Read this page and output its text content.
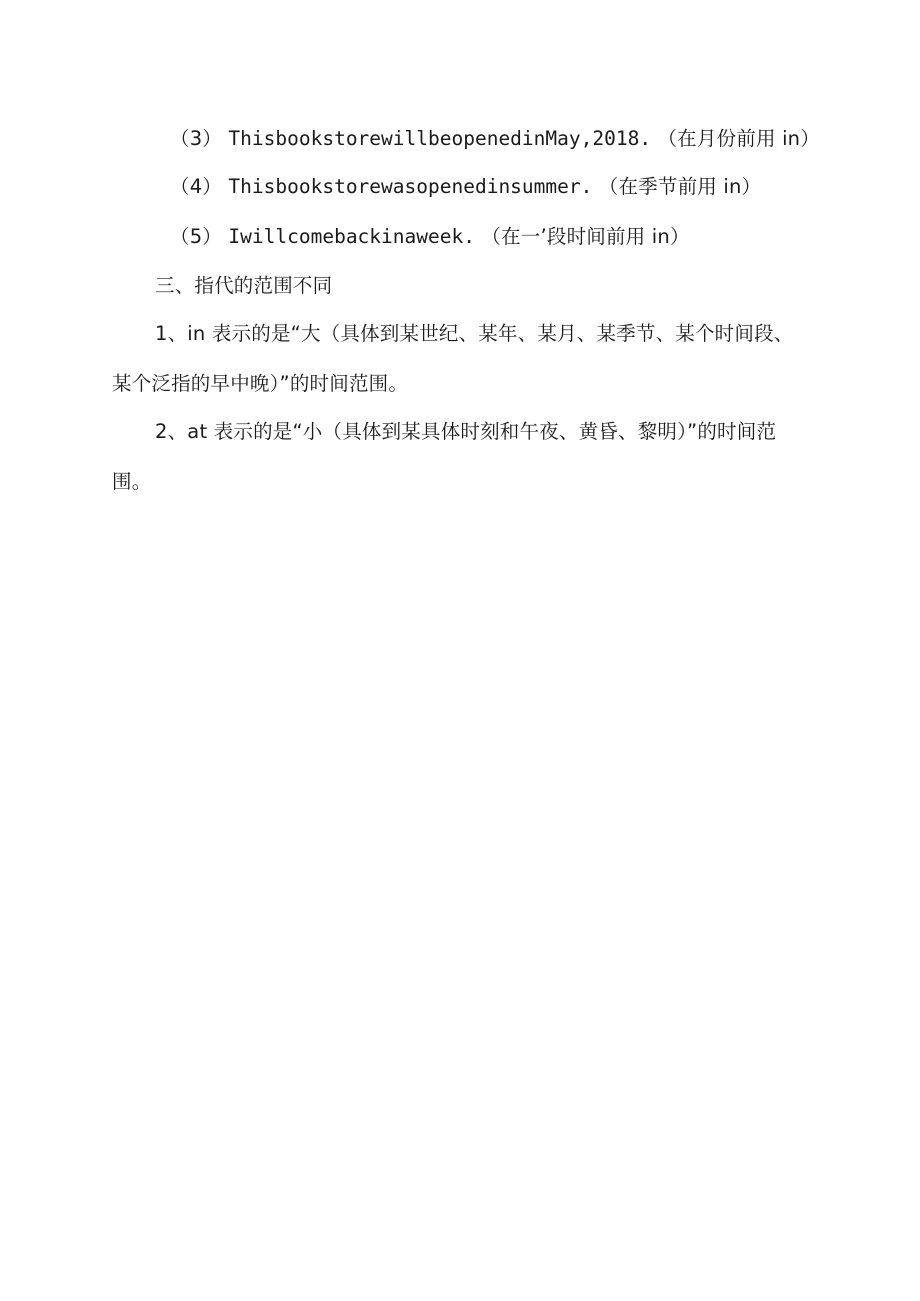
（3） ThisbookstorewillbeopenedinMay,2018. （在月份前用 in）
（4） Thisbookstorewasopenedinsummer. （在季节前用 in）
（5） Iwillcomebackinaweek. （在一’段时间前用 in）
三、指代的范围不同
1、in 表示的是“大（具体到某世纪、某年、某月、某季节、某个时间段、
某个泛指的早中晚）”的时间范围。
2、at 表示的是“小（具体到某具体时刻和午夜、黄昏、黎明）”的时间范
围。
